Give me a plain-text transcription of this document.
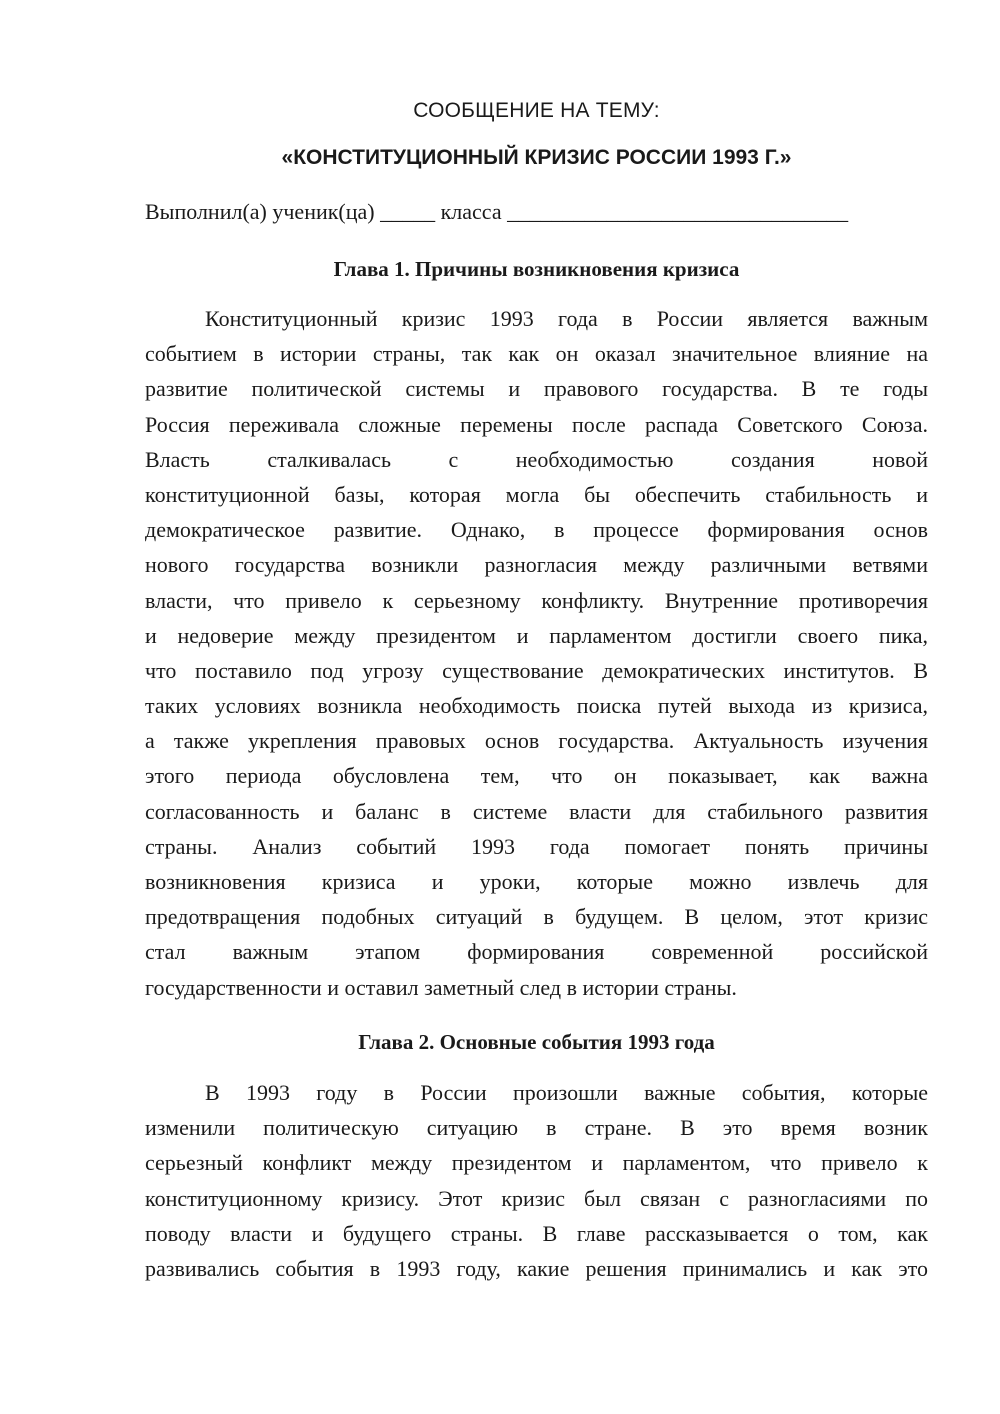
СООБЩЕНИЕ НА ТЕМУ:
«КОНСТИТУЦИОННЫЙ КРИЗИС РОССИИ 1993 Г.»
Выполнил(а) ученик(ца) _____ класса _______________________________
Глава 1. Причины возникновения кризиса
Конституционный кризис 1993 года в России является важным
событием в истории страны, так как он оказал значительное влияние на
развитие политической системы и правового государства. В те годы
Россия переживала сложные перемены после распада Советского Союза.
Власть сталкивалась с необходимостью создания новой
конституционной базы, которая могла бы обеспечить стабильность и
демократическое развитие. Однако, в процессе формирования основ
нового государства возникли разногласия между различными ветвями
власти, что привело к серьезному конфликту. Внутренние противоречия
и недоверие между президентом и парламентом достигли своего пика,
что поставило под угрозу существование демократических институтов. В
таких условиях возникла необходимость поиска путей выхода из кризиса,
а также укрепления правовых основ государства. Актуальность изучения
этого периода обусловлена тем, что он показывает, как важна
согласованность и баланс в системе власти для стабильного развития
страны. Анализ событий 1993 года помогает понять причины
возникновения кризиса и уроки, которые можно извлечь для
предотвращения подобных ситуаций в будущем. В целом, этот кризис
стал важным этапом формирования современной российской
государственности и оставил заметный след в истории страны.
Глава 2. Основные события 1993 года
В 1993 году в России произошли важные события, которые
изменили политическую ситуацию в стране. В это время возник
серьезный конфликт между президентом и парламентом, что привело к
конституционному кризису. Этот кризис был связан с разногласиями по
поводу власти и будущего страны. В главе рассказывается о том, как
развивались события в 1993 году, какие решения принимались и как это
